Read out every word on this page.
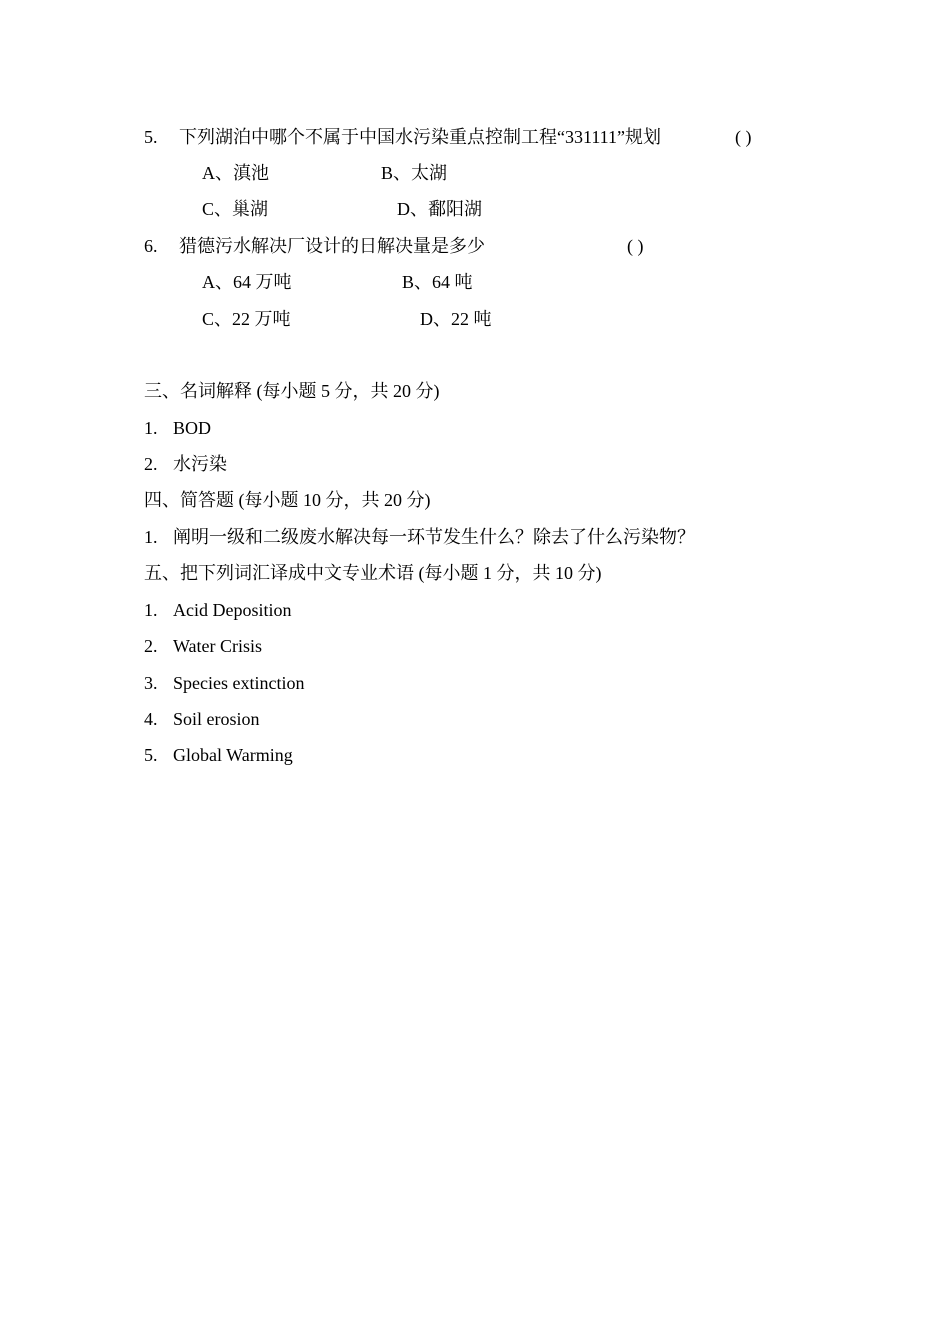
5. 下列湖泊中哪个不属于中国水污染重点控制工程“331111”规划	( )
A、滇池	B、太湖
C、巢湖	D、鄱阳湖
6. 猎德污水解决厂设计的日解决量是多少	( )
A、64 万吨	B、64 吨
C、22 万吨	D、22 吨
三、名词解释 (每小题 5 分，共 20 分)
1. BOD
2. 水污染
四、简答题 (每小题 10 分，共 20 分)
1. 阐明一级和二级废水解决每一环节发生什么？除去了什么污染物？
五、把下列词汇译成中文专业术语 (每小题 1 分，共 10 分)
1. Acid Deposition
2. Water Crisis
3. Species extinction
4. Soil erosion
5. Global Warming
